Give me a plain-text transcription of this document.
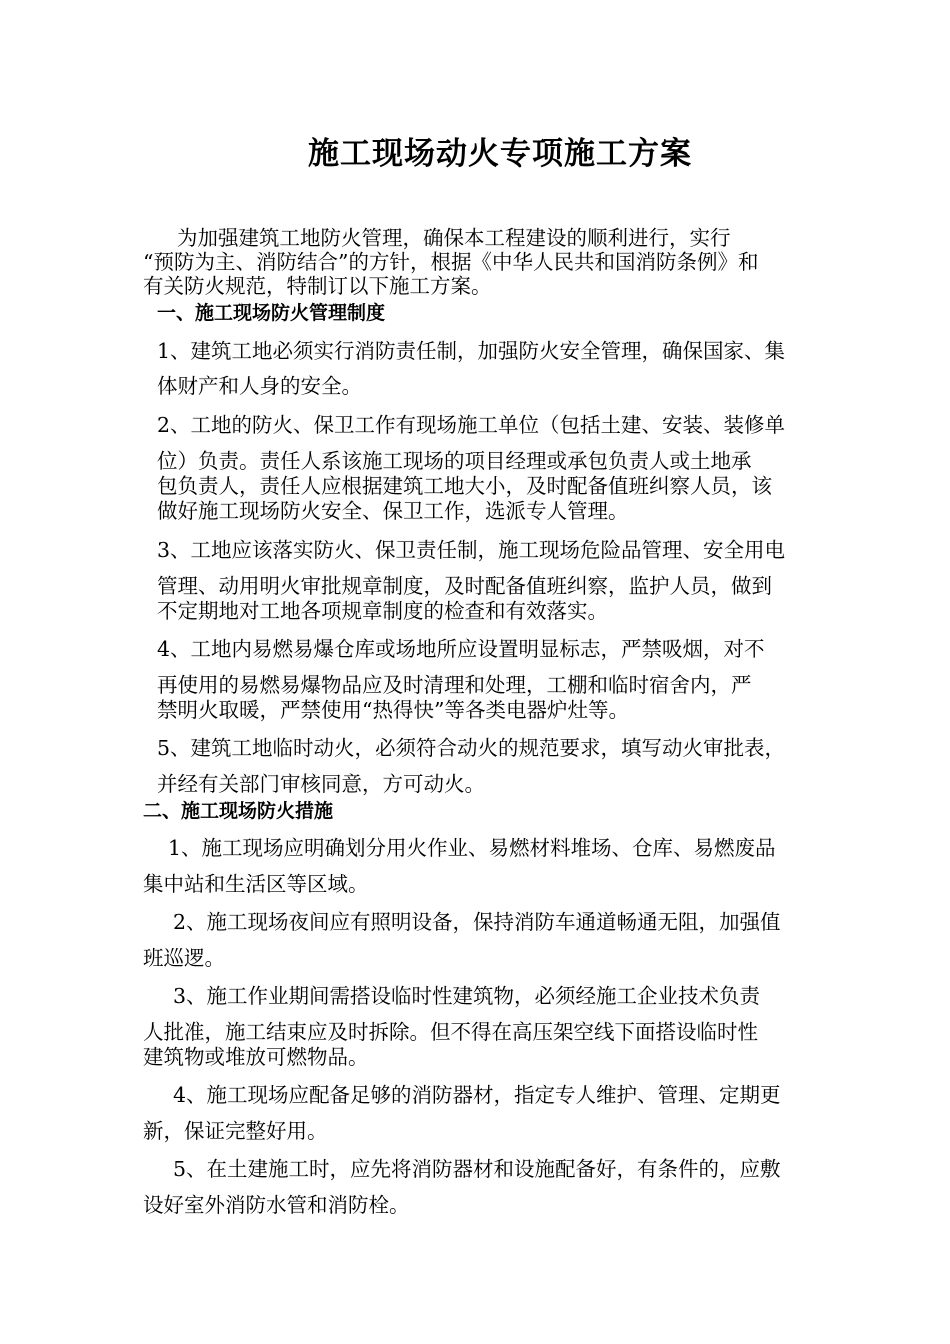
施工现场动火专项施工方案
为加强建筑工地防火管理，确保本工程建设的顺利进行，实行
“预防为主、消防结合”的方针，根据《中华人民共和国消防条例》和
有关防火规范，特制订以下施工方案。
一、施工现场防火管理制度
1、建筑工地必须实行消防责任制，加强防火安全管理，确保国家、集
体财产和人身的安全。
2、工地的防火、保卫工作有现场施工单位（包括土建、安装、装修单
位）负责。责任人系该施工现场的项目经理或承包负责人或土地承
包负责人，责任人应根据建筑工地大小，及时配备值班纠察人员，该
做好施工现场防火安全、保卫工作，选派专人管理。
3、工地应该落实防火、保卫责任制，施工现场危险品管理、安全用电
管理、动用明火审批规章制度，及时配备值班纠察，监护人员，做到
不定期地对工地各项规章制度的检查和有效落实。
4、工地内易燃易爆仓库或场地所应设置明显标志，严禁吸烟，对不
再使用的易燃易爆物品应及时清理和处理，工棚和临时宿舍内，严
禁明火取暖，严禁使用“热得快”等各类电器炉灶等。
5、建筑工地临时动火，必须符合动火的规范要求，填写动火审批表，
并经有关部门审核同意，方可动火。
二、施工现场防火措施
1、施工现场应明确划分用火作业、易燃材料堆场、仓库、易燃废品
集中站和生活区等区域。
2、施工现场夜间应有照明设备，保持消防车通道畅通无阻，加强值
班巡逻。
3、施工作业期间需搭设临时性建筑物，必须经施工企业技术负责
人批准，施工结束应及时拆除。但不得在高压架空线下面搭设临时性
建筑物或堆放可燃物品。
4、施工现场应配备足够的消防器材，指定专人维护、管理、定期更
新，保证完整好用。
5、在土建施工时，应先将消防器材和设施配备好，有条件的，应敷
设好室外消防水管和消防栓。
